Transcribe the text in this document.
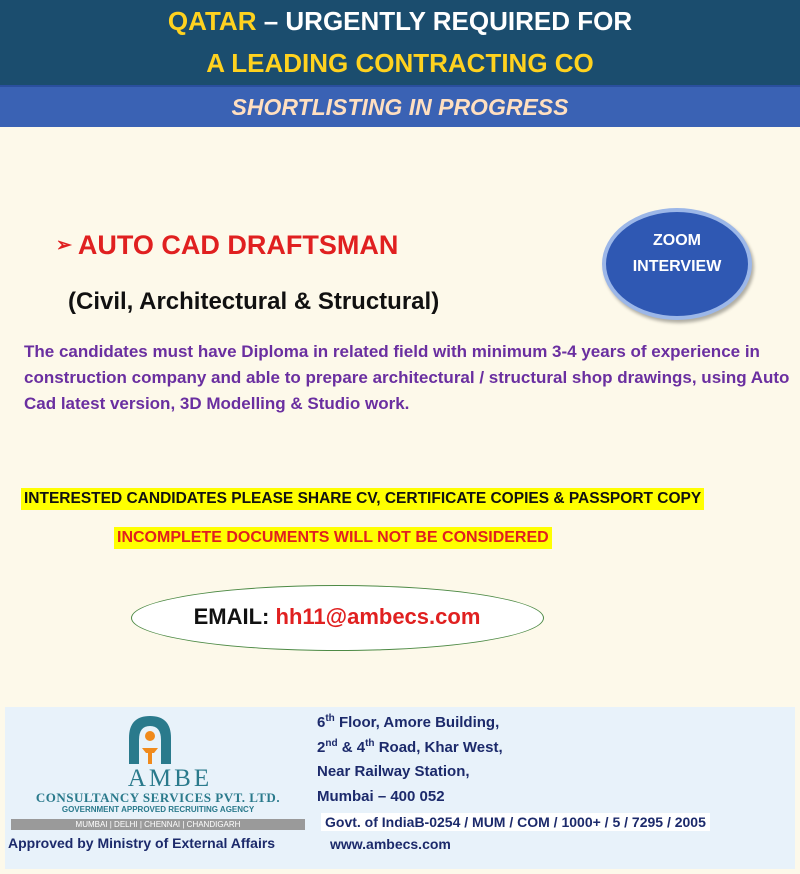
QATAR – URGENTLY REQUIRED FOR
A LEADING CONTRACTING CO
SHORTLISTING IN PROGRESS
ZOOM
INTERVIEW
➢ AUTO CAD DRAFTSMAN
(Civil, Architectural & Structural)
The candidates must have Diploma in related field with minimum 3-4 years of experience in construction company and able to prepare architectural / structural shop drawings, using Auto Cad latest version, 3D Modelling & Studio work.
INTERESTED CANDIDATES PLEASE SHARE CV, CERTIFICATE COPIES & PASSPORT COPY
INCOMPLETE DOCUMENTS WILL NOT BE CONSIDERED
EMAIL: hh11@ambecs.com
AMBE
CONSULTANCY SERVICES PVT. LTD.
GOVERNMENT APPROVED RECRUITING AGENCY
MUMBAI | DELHI | CHENNAI | CHANDIGARH
Approved by Ministry of External Affairs
6th Floor, Amore Building,
2nd & 4th Road, Khar West,
Near Railway Station,
Mumbai – 400 052
Govt. of IndiaB-0254 / MUM / COM / 1000+ / 5 / 7295 / 2005
www.ambecs.com
